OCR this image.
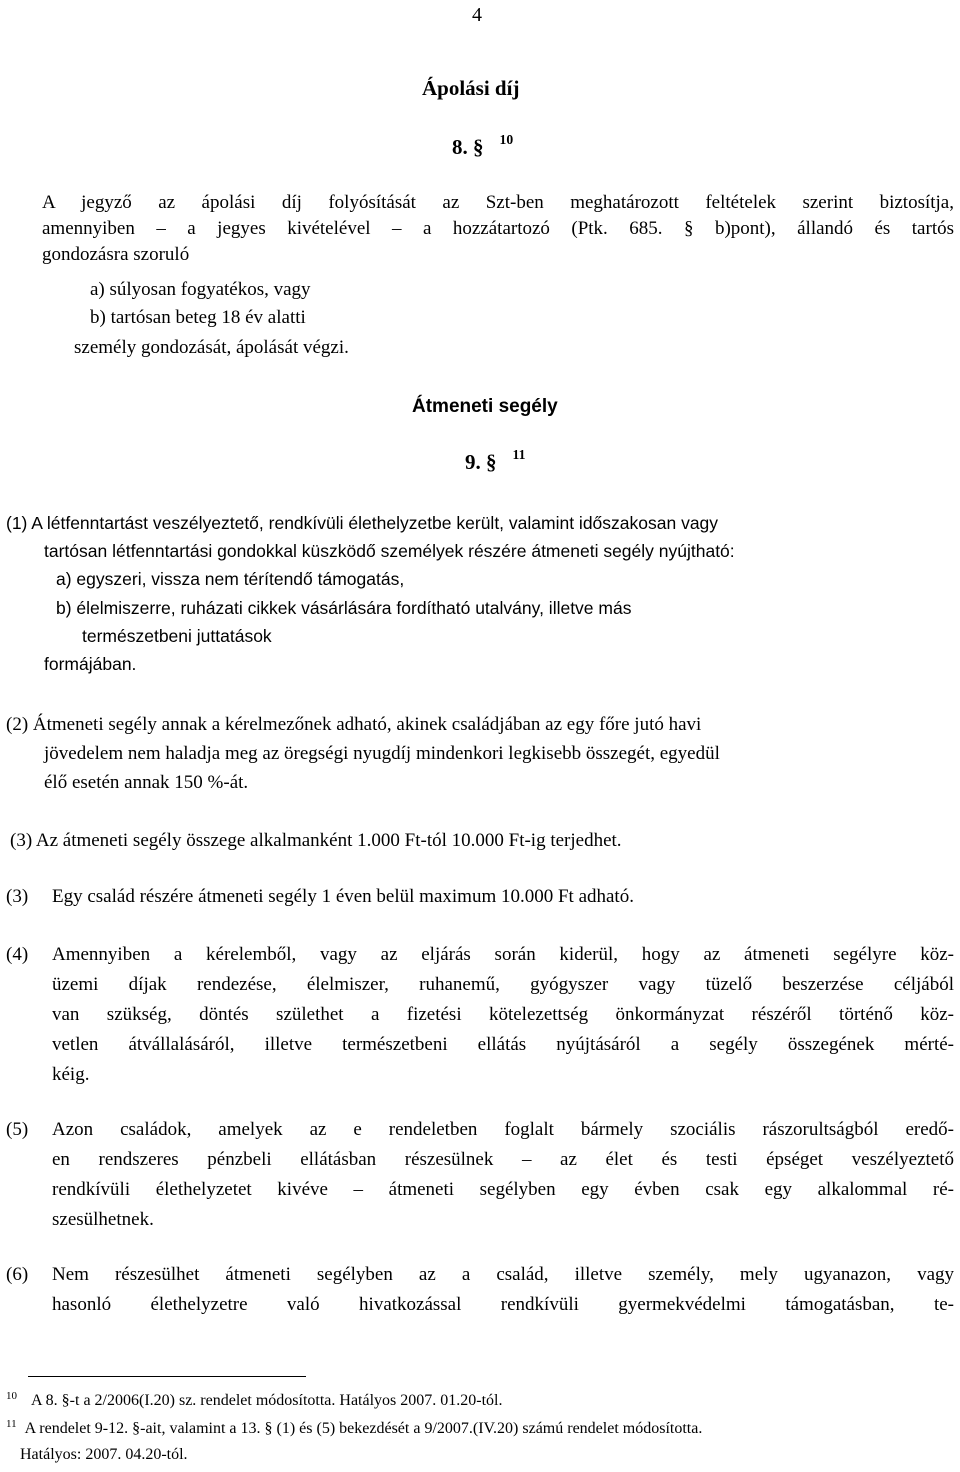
4
Ápolási díj
8. § $^{10}$
A jegyző az ápolási díj folyósítását az Szt-ben meghatározott feltételek szerint biztosítja,
amennyiben – a jegyes kivételével – a hozzátartozó (Ptk. 685. § b)pont), állandó és tartós
gondozásra szoruló
a) súlyosan fogyatékos, vagy
b) tartósan beteg 18 év alatti
személy gondozását, ápolását végzi.
Átmeneti segély
9. § $^{11}$
(1) A létfenntartást veszélyeztető, rendkívüli élethelyzetbe került, valamint időszakosan vagy
tartósan létfenntartási gondokkal küszködő személyek részére átmeneti segély nyújtható:
a) egyszeri, vissza nem térítendő támogatás,
b) élelmiszerre, ruházati cikkek vásárlására fordítható utalvány, illetve más
természetbeni juttatások
formájában.
(2) Átmeneti segély annak a kérelmezőnek adható, akinek családjában az egy főre jutó havi
jövedelem nem haladja meg az öregségi nyugdíj mindenkori legkisebb összegét, egyedül
élő esetén annak 150 %-át.
(3) Az átmeneti segély összege alkalmanként 1.000 Ft-tól 10.000 Ft-ig terjedhet.
(3) Egy család részére átmeneti segély 1 éven belül maximum 10.000 Ft adható.
(4) Amennyiben a kérelemből, vagy az eljárás során kiderül, hogy az átmeneti segélyre köz-
üzemi díjak rendezése, élelmiszer, ruhanemű, gyógyszer vagy tüzelő beszerzése céljából
van szükség, döntés születhet a fizetési kötelezettség önkormányzat részéről történő köz-
vetlen átvállalásáról, illetve természetbeni ellátás nyújtásáról a segély összegének mérté-
kéig.
(5) Azon családok, amelyek az e rendeletben foglalt bármely szociális rászorultságból eredő-
en rendszeres pénzbeli ellátásban részesülnek – az élet és testi épséget veszélyeztető
rendkívüli élethelyzetet kivéve – átmeneti segélyben egy évben csak egy alkalommal ré-
szesülhetnek.
(6) Nem részesülhet átmeneti segélyben az a család, illetve személy, mely ugyanazon, vagy
hasonló élethelyzetre való hivatkozással rendkívüli gyermekvédelmi támogatásban, te-
$^{10}$ A 8. §-t a 2/2006(I.20) sz. rendelet módosította. Hatályos 2007. 01.20-tól.
$^{11}$ A rendelet 9-12. §-ait, valamint a 13. § (1) és (5) bekezdését a 9/2007.(IV.20) számú rendelet módosította.
Hatályos: 2007. 04.20-tól.
